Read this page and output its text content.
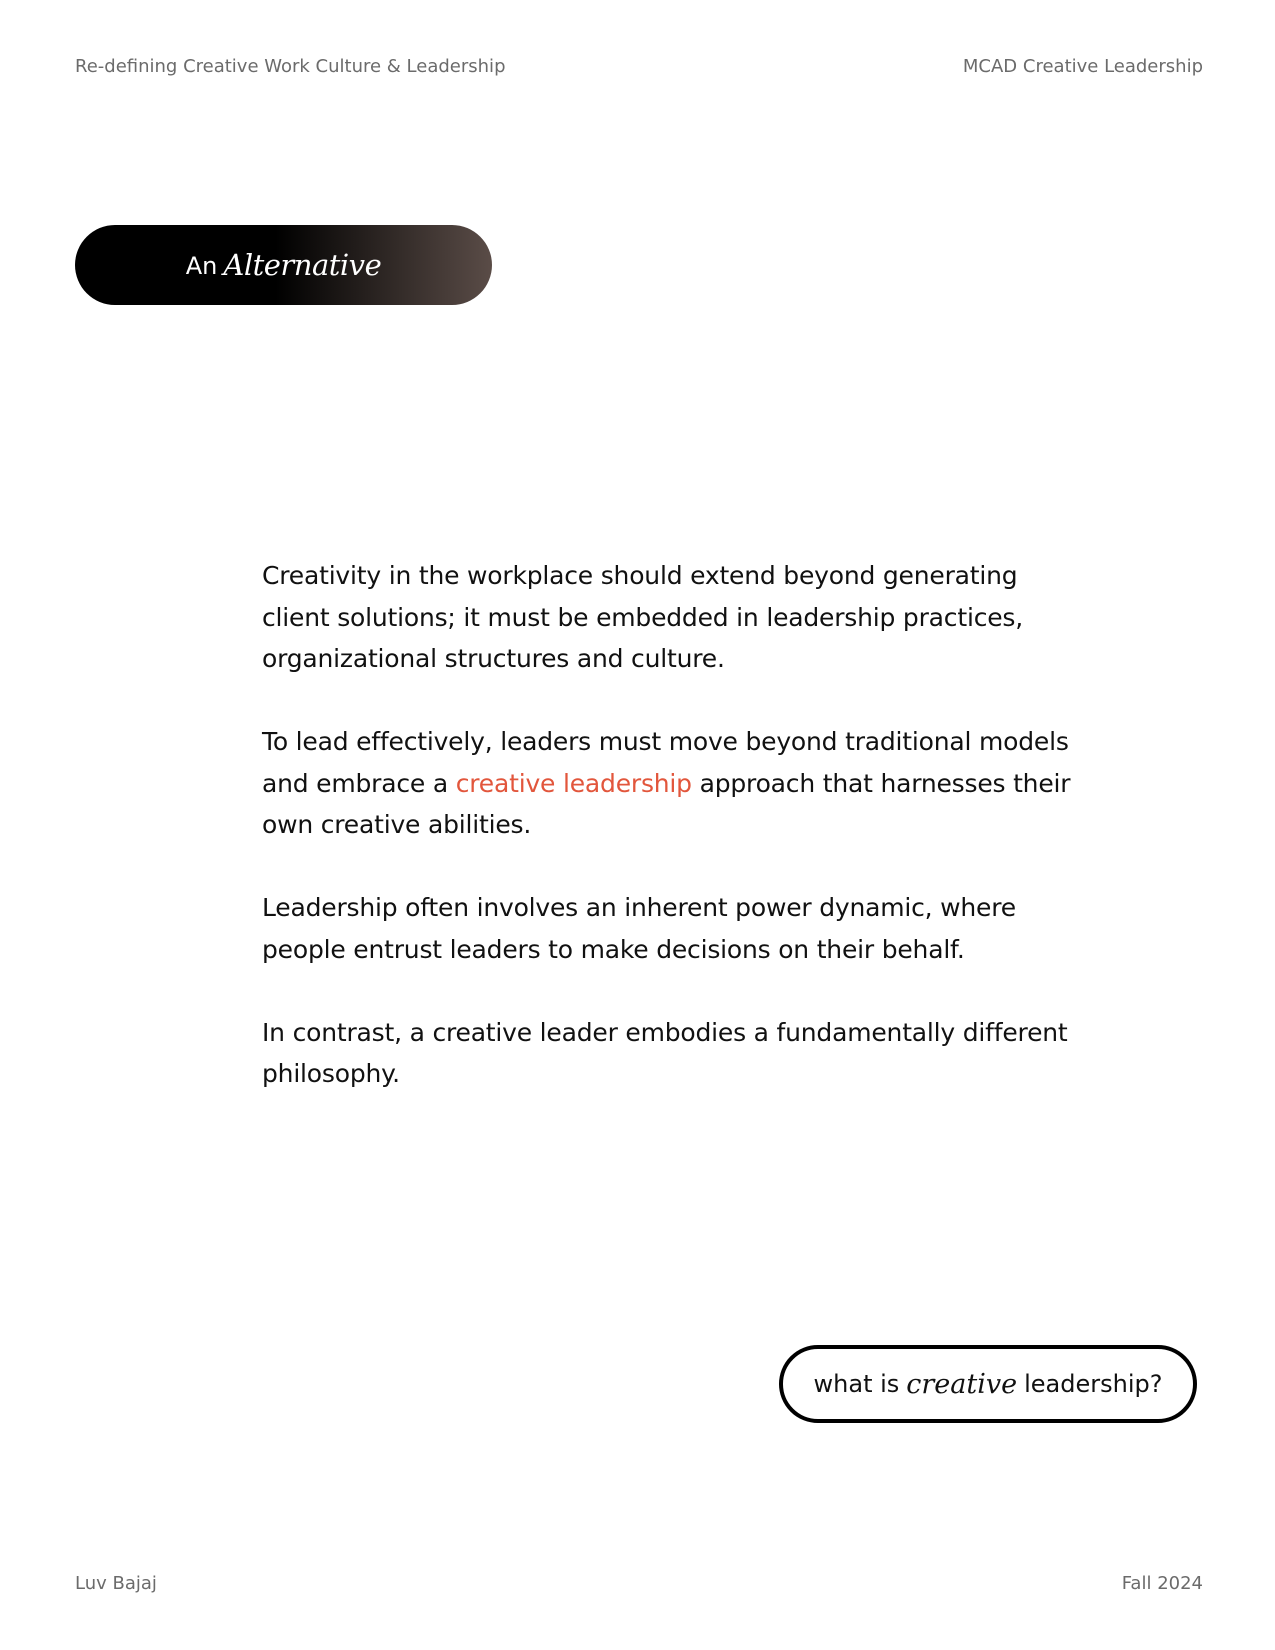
Re-defining Creative Work Culture & Leadership	MCAD Creative Leadership
An Alternative

Creativity in the workplace should extend beyond generating client solutions; it must be embedded in leadership practices, organizational structures and culture.

To lead effectively, leaders must move beyond traditional models and embrace a creative leadership approach that harnesses their own creative abilities.

Leadership often involves an inherent power dynamic, where people entrust leaders to make decisions on their behalf.

In contrast, a creative leader embodies a fundamentally different philosophy.

what is creative leadership?
Luv Bajaj	Fall 2024
